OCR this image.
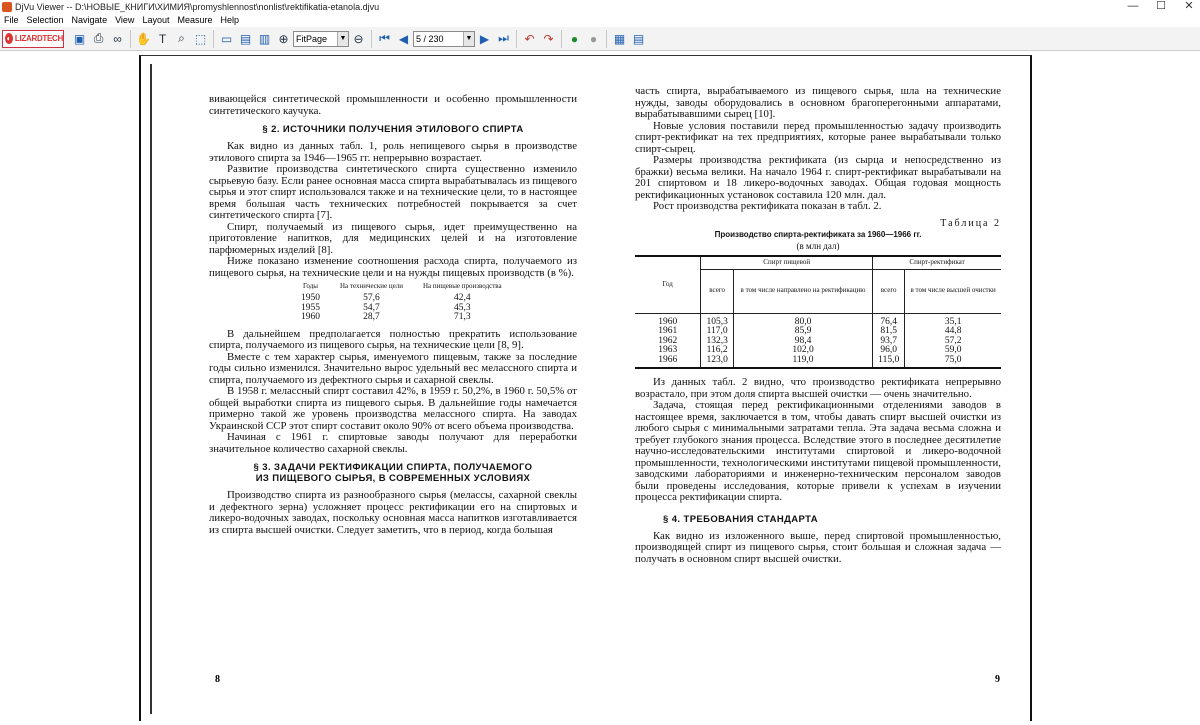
DjVu Viewer -- D:\НОВЫЕ_КНИГИ\ХИМИЯ\promyshlennost\nonlist\rektifikatia-etanola.djvu	— ☐ ✕
File Selection Navigate View Layout Measure Help
◐ LIZARDTECH ▣ ⎙ ∞	✋ T ⌕ ⬚ ▭ ▤ ▥ ⊕ FitPage	▼ ⊖ ⏮ ◀ 5 / 230	▼ ▶ ⏭ ↶ ↷	● ●	▦ ▤

вивающейся синтетической промышленности и особенно промышленности синтетического каучука.

§ 2. ИСТОЧНИКИ ПОЛУЧЕНИЯ ЭТИЛОВОГО СПИРТА

Как видно из данных табл. 1, роль непищевого сырья в производстве этилового спирта за 1946—1965 гг. непрерывно возрастает.

Развитие производства синтетического спирта существенно изменило сырьевую базу. Если ранее основная масса спирта вырабатывалась из пищевого сырья и этот спирт использовался также и на технические цели, то в настоящее время большая часть технических потребностей покрывается за счет синтетического спирта [7].

Спирт, получаемый из пищевого сырья, идет преимущественно на приготовление напитков, для медицинских целей и на изготовление парфюмерных изделий [8].

Ниже показано изменение соотношения расхода спирта, получаемого из пищевого сырья, на технические цели и на нужды пищевых производств (в %).

Годы	На технические цели	На пищевые производства
1950	57,6	42,4
1955	54,7	45,3
1960	28,7	71,3

В дальнейшем предполагается полностью прекратить использование спирта, получаемого из пищевого сырья, на технические цели [8, 9].

Вместе с тем характер сырья, именуемого пищевым, также за последние годы сильно изменился. Значительно вырос удельный вес мелассного спирта и спирта, получаемого из дефектного сырья и сахарной свеклы.

В 1958 г. мелассный спирт составил 42%, в 1959 г. 50,2%, в 1960 г. 50,5% от общей выработки спирта из пищевого сырья. В дальнейшие годы намечается примерно такой же уровень производства мелассного спирта. На заводах Украинской ССР этот спирт составит около 90% от всего объема производства.

Начиная с 1961 г. спиртовые заводы получают для переработки значительное количество сахарной свеклы.

§ 3. ЗАДАЧИ РЕКТИФИКАЦИИ СПИРТА, ПОЛУЧАЕМОГО
ИЗ ПИЩЕВОГО СЫРЬЯ, В СОВРЕМЕННЫХ УСЛОВИЯХ

Производство спирта из разнообразного сырья (мелассы, сахарной свеклы и дефектного зерна) усложняет процесс ректификации его на спиртовых и ликеро-водочных заводах, поскольку основная масса напитков изготавливается из спирта высшей очистки. Следует заметить, что в период, когда большая

8

часть спирта, вырабатываемого из пищевого сырья, шла на технические нужды, заводы оборудовались в основном брагоперегонными аппаратами, вырабатывавшими сырец [10].

Новые условия поставили перед промышленностью задачу производить спирт-ректификат на тех предприятиях, которые ранее вырабатывали только спирт-сырец.

Размеры производства ректификата (из сырца и непосредственно из бражки) весьма велики. На начало 1964 г. спирт-ректификат вырабатывали на 201 спиртовом и 18 ликеро-водочных заводах. Общая годовая мощность ректификационных установок составила 120 млн. дал.

Рост производства ректификата показан в табл. 2.

Таблица 2
Производство спирта-ректификата за 1960—1966 гг.
(в млн дал)
Год	Спирт пищевой		Спирт-ректификат	
	всего	в том числе направлено на ректификацию	всего	в том числе высшей очистки
1960	105,3	80,0	76,4	35,1
1961	117,0	85,9	81,5	44,8
1962	132,3	98,4	93,7	57,2
1963	116,2	102,0	96,0	59,0
1966	123,0	119,0	115,0	75,0

Из данных табл. 2 видно, что производство ректификата непрерывно возрастало, при этом доля спирта высшей очистки — очень значительно.

Задача, стоящая перед ректификационными отделениями заводов в настоящее время, заключается в том, чтобы давать спирт высшей очистки из любого сырья с минимальными затратами тепла. Эта задача весьма сложна и требует глубокого знания процесса. Вследствие этого в последнее десятилетие научно-исследовательскими институтами спиртовой и ликеро-водочной промышленности, технологическими институтами пищевой промышленности, заводскими лабораториями и инженерно-техническим персоналом заводов были проведены исследования, которые привели к успехам в изучении процесса ректификации спирта.

§ 4. ТРЕБОВАНИЯ СТАНДАРТА

Как видно из изложенного выше, перед спиртовой промышленностью, производящей спирт из пищевого сырья, стоит большая и сложная задача — получать в основном спирт высшей очистки.

9
